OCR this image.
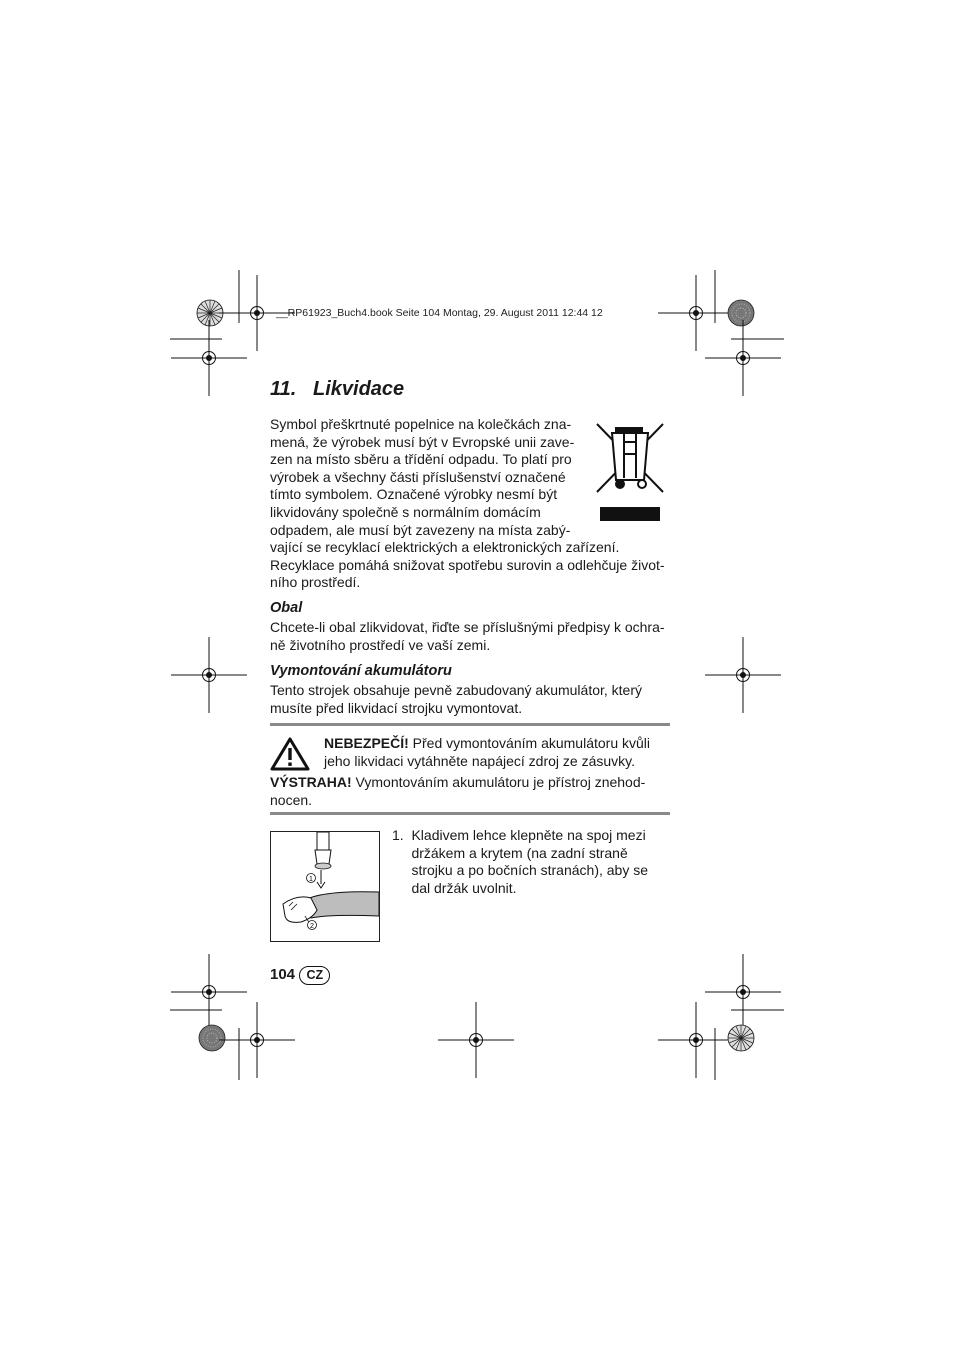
__RP61923_Buch4.book Seite 104 Montag, 29. August 2011 12:44 12
11.   Likvidace
Symbol přeškrtnuté popelnice na kolečkách zna-
mená, že výrobek musí být v Evropské unii zave-
zen na místo sběru a třídění odpadu. To platí pro
výrobek a všechny části příslušenství označené
tímto symbolem. Označené výrobky nesmí být
likvidovány společně s normálním domácím
odpadem, ale musí být zavezeny na místa zabý-
vající se recyklací elektrických a elektronických zařízení.
Recyklace pomáhá snižovat spotřebu surovin a odlehčuje život-
ního prostředí.
Obal
Chcete-li obal zlikvidovat, řiďte se příslušnými předpisy k ochra-
ně životního prostředí ve vaší zemi.
Vymontování akumulátoru
Tento strojek obsahuje pevně zabudovaný akumulátor, který
musíte před likvidací strojku vymontovat.
NEBEZPEČÍ! Před vymontováním akumulátoru kvůli
jeho likvidaci vytáhněte napájecí zdroj ze zásuvky.
VÝSTRAHA! Vymontováním akumulátoru je přístroj znehod-
nocen.
1
2
1.  Kladivem lehce klepněte na spoj mezi
držákem a krytem (na zadní straně
strojku a po bočních stranách), aby se
dal držák uvolnit.
104 CZ
